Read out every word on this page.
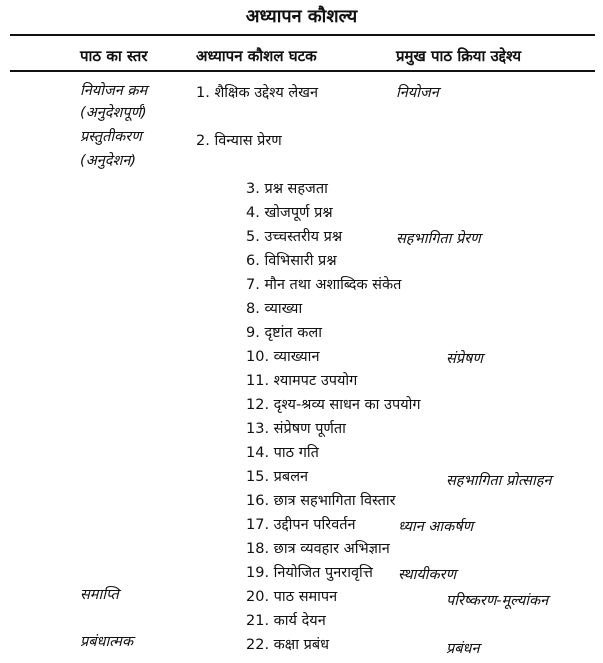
अध्यापन कौशल्य
पाठ का स्तर	अध्यापन कौशल घटक	प्रमुख पाठ क्रिया उद्देश्य
नियोजन क्रम
(अनुदेशपूर्ण)
प्रस्तुतीकरण
(अनुदेशन)
समाप्ति
प्रबंधात्मक
1. शैक्षिक उद्देश्य लेखन
2. विन्यास प्रेरण
3. प्रश्न सहजता
4. खोजपूर्ण प्रश्न
5. उच्चस्तरीय प्रश्न
6. विभिसारी प्रश्न
7. मौन तथा अशाब्दिक संकेत
8. व्याख्या
9. दृष्टांत कला
10. व्याख्यान
11. श्यामपट उपयोग
12. दृश्य-श्रव्य साधन का उपयोग
13. संप्रेषण पूर्णता
14. पाठ गति
15. प्रबलन
16. छात्र सहभागिता विस्तार
17. उद्दीपन परिवर्तन
18. छात्र व्यवहार अभिज्ञान
19. नियोजित पुनरावृत्ति
20. पाठ समापन
21. कार्य देयन
22. कक्षा प्रबंध
नियोजन
सहभागिता प्रेरण
संप्रेषण
सहभागिता प्रोत्साहन
ध्यान आकर्षण
स्थायीकरण
परिष्करण-मूल्यांकन
प्रबंधन
